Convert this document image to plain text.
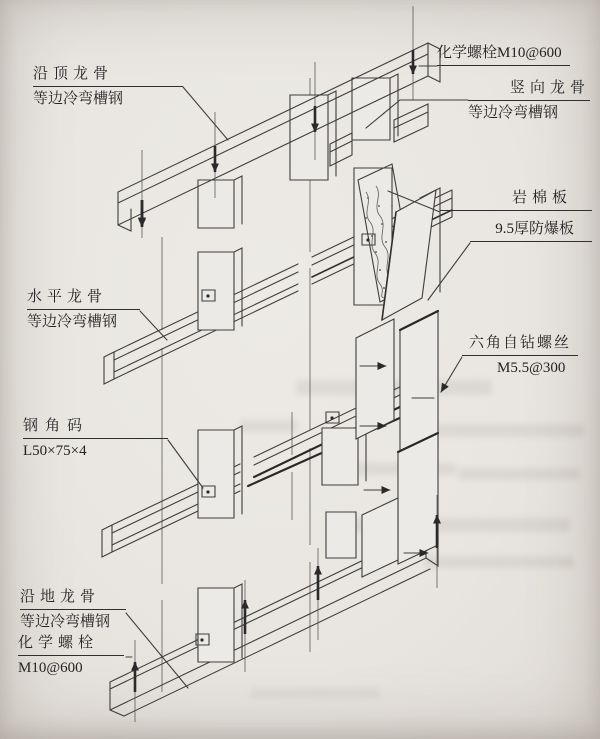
沿顶龙骨
等边冷弯槽钢
化学螺栓M10@600
竖向龙骨
等边冷弯槽钢
岩棉板
9.5厚防爆板
六角自钻螺丝
M5.5@300
水平龙骨
等边冷弯槽钢
钢角码
L50×75×4
沿地龙骨
等边冷弯槽钢
化学螺栓
M10@600
